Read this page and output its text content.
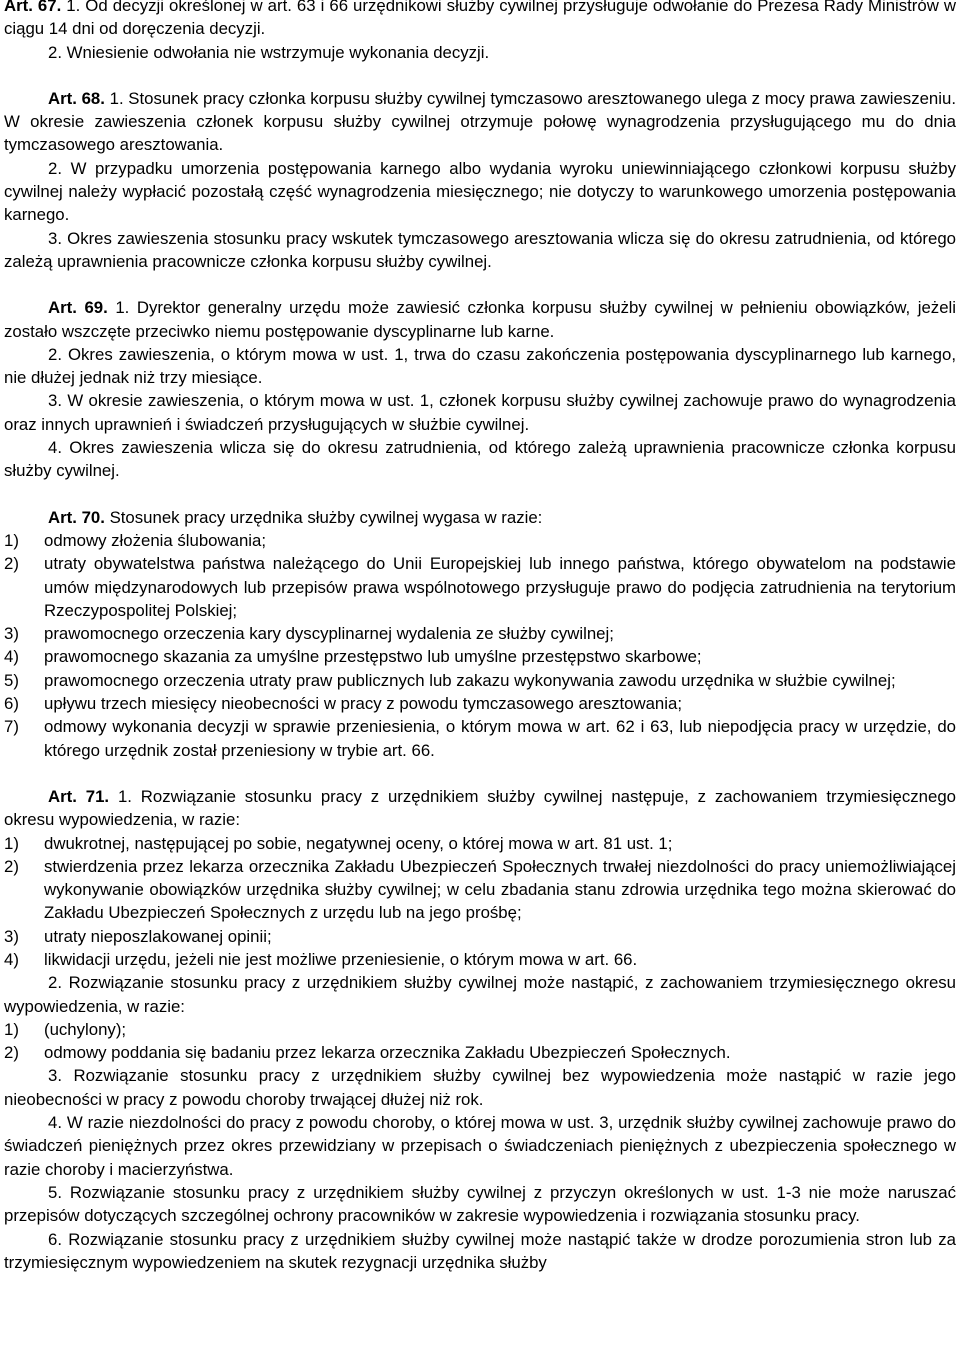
Art. 67. 1. Od decyzji określonej w art. 63 i 66 urzędnikowi służby cywilnej przysługuje odwołanie do Prezesa Rady Ministrów w ciągu 14 dni od doręczenia decyzji.

2. Wniesienie odwołania nie wstrzymuje wykonania decyzji.

Art. 68. 1. Stosunek pracy członka korpusu służby cywilnej tymczasowo aresztowanego ulega z mocy prawa zawieszeniu. W okresie zawieszenia członek korpusu służby cywilnej otrzymuje połowę wynagrodzenia przysługującego mu do dnia tymczasowego aresztowania.

2. W przypadku umorzenia postępowania karnego albo wydania wyroku uniewinniającego członkowi korpusu służby cywilnej należy wypłacić pozostałą część wynagrodzenia miesięcznego; nie dotyczy to warunkowego umorzenia postępowania karnego.

3. Okres zawieszenia stosunku pracy wskutek tymczasowego aresztowania wlicza się do okresu zatrudnienia, od którego zależą uprawnienia pracownicze członka korpusu służby cywilnej.

Art. 69. 1. Dyrektor generalny urzędu może zawiesić członka korpusu służby cywilnej w pełnieniu obowiązków, jeżeli zostało wszczęte przeciwko niemu postępowanie dyscyplinarne lub karne.

2. Okres zawieszenia, o którym mowa w ust. 1, trwa do czasu zakończenia postępowania dyscyplinarnego lub karnego, nie dłużej jednak niż trzy miesiące.

3. W okresie zawieszenia, o którym mowa w ust. 1, członek korpusu służby cywilnej zachowuje prawo do wynagrodzenia oraz innych uprawnień i świadczeń przysługujących w służbie cywilnej.

4. Okres zawieszenia wlicza się do okresu zatrudnienia, od którego zależą uprawnienia pracownicze członka korpusu służby cywilnej.

Art. 70. Stosunek pracy urzędnika służby cywilnej wygasa w razie:

1)	odmowy złożenia ślubowania;
2)	utraty obywatelstwa państwa należącego do Unii Europejskiej lub innego państwa, którego obywatelom na podstawie umów międzynarodowych lub przepisów prawa wspólnotowego przysługuje prawo do podjęcia zatrudnienia na terytorium Rzeczypospolitej Polskiej;
3)	prawomocnego orzeczenia kary dyscyplinarnej wydalenia ze służby cywilnej;
4)	prawomocnego skazania za umyślne przestępstwo lub umyślne przestępstwo skarbowe;
5)	prawomocnego orzeczenia utraty praw publicznych lub zakazu wykonywania zawodu urzędnika w służbie cywilnej;
6)	upływu trzech miesięcy nieobecności w pracy z powodu tymczasowego aresztowania;
7)	odmowy wykonania decyzji w sprawie przeniesienia, o którym mowa w art. 62 i 63, lub niepodjęcia pracy w urzędzie, do którego urzędnik został przeniesiony w trybie art. 66.

Art. 71. 1. Rozwiązanie stosunku pracy z urzędnikiem służby cywilnej następuje, z zachowaniem trzymiesięcznego okresu wypowiedzenia, w razie:

1)	dwukrotnej, następującej po sobie, negatywnej oceny, o której mowa w art. 81 ust. 1;
2)	stwierdzenia przez lekarza orzecznika Zakładu Ubezpieczeń Społecznych trwałej niezdolności do pracy uniemożliwiającej wykonywanie obowiązków urzędnika służby cywilnej; w celu zbadania stanu zdrowia urzędnika tego można skierować do Zakładu Ubezpieczeń Społecznych z urzędu lub na jego prośbę;
3)	utraty nieposzlakowanej opinii;
4)	likwidacji urzędu, jeżeli nie jest możliwe przeniesienie, o którym mowa w art. 66.

2. Rozwiązanie stosunku pracy z urzędnikiem służby cywilnej może nastąpić, z zachowaniem trzymiesięcznego okresu wypowiedzenia, w razie:

1)	(uchylony);
2)	odmowy poddania się badaniu przez lekarza orzecznika Zakładu Ubezpieczeń Społecznych.

3. Rozwiązanie stosunku pracy z urzędnikiem służby cywilnej bez wypowiedzenia może nastąpić w razie jego nieobecności w pracy z powodu choroby trwającej dłużej niż rok.

4. W razie niezdolności do pracy z powodu choroby, o której mowa w ust. 3, urzędnik służby cywilnej zachowuje prawo do świadczeń pieniężnych przez okres przewidziany w przepisach o świadczeniach pieniężnych z ubezpieczenia społecznego w razie choroby i macierzyństwa.

5. Rozwiązanie stosunku pracy z urzędnikiem służby cywilnej z przyczyn określonych w ust. 1-3 nie może naruszać przepisów dotyczących szczególnej ochrony pracowników w zakresie wypowiedzenia i rozwiązania stosunku pracy.

6. Rozwiązanie stosunku pracy z urzędnikiem służby cywilnej może nastąpić także w drodze porozumienia stron lub za trzymiesięcznym wypowiedzeniem na skutek rezygnacji urzędnika służby
